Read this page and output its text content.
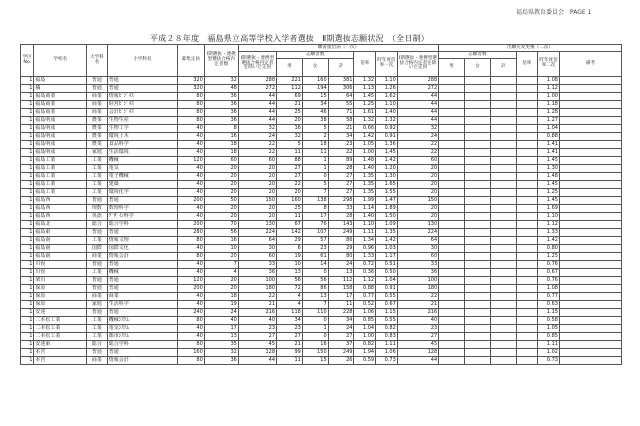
福島県教育委員会　PAGE 1
平成２８年度　福島県立高等学校入学者選抜　Ⅱ期選抜志願状況　（全日制）
学区No.	学校名	大学科名	小学科名	募集定員	Ⅰ期選抜・連携型選抜合格内定者数	願書提出前（一次）							出願先変更後（二次）					
						Ⅰ期選抜・連携型選抜合格内定者を除いた定員	志願者数			倍率	昨年度倍率一次	Ⅰ期選抜・連携型選抜合格内定者を除いた定員	志願者数			倍率	昨年度倍率二次	備考
							男	女	計				男	女	計			
1	福島	普通	普通	320	32	288	221	160	381	1.32	1.10	288					1.08	
1	橘	普通	普通	320	48	272	112	194	306	1.13	1.26	272					1.12	
1	福島商業	商業	情報ﾋﾞｼﾞﾈｽ	80	36	44	69	15	64	1.45	1.62	44					1.00	
1	福島商業	商業	経営ﾋﾞｼﾞﾈｽ	80	36	44	21	34	55	1.25	1.10	44					1.18	
1	福島商業	商業	会計ﾋﾞｼﾞﾈｽ	80	36	44	25	46	71	1.61	1.40	44					1.28	
1	福島明成	農業	生物生産	80	36	44	20	38	58	1.32	1.32	44					1.27	
1	福島明成	農業	生物工学	40	8	32	16	5	21	0.66	0.92	32					1.04	
1	福島明成	農業	環境土木	40	16	24	32	2	34	1.42	0.91	24					0.88	
1	福島明成	農業	食品科学	40	18	22	5	18	23	1.05	1.36	22					1.41	
1	福島明成	家庭	生活環境	40	18	22	11	11	22	1.00	1.45	22					1.41	
1	福島工業	工業	機械	120	60	60	88	1	89	1.48	1.42	60					1.45	
1	福島工業	工業	電気	40	20	20	27	1	28	1.40	1.20	20					1.30	
1	福島工業	工業	電子機械	40	20	20	27	0	27	1.35	1.30	20					1.48	
1	福島工業	工業	建築	40	20	20	22	5	27	1.35	1.65	20					1.45	
1	福島工業	工業	環境化学	40	20	20	20	7	27	1.35	1.55	20					1.25	
1	福島西	普通	普通	200	50	150	160	138	298	1.99	1.47	150					1.45	
1	福島西	理数	数理科学	40	20	20	25	8	33	1.14	1.89	20					1.69	
1	福島西	英語	ﾃﾞｻﾞｲﾝ科学	40	20	20	11	17	28	1.40	1.50	20					1.10	
1	福島北	総合	総合学科	200	70	130	67	76	143	1.10	1.09	130					1.12	
1	福島東	普通	普通	280	56	224	142	107	249	1.11	1.35	224					1.33	
1	福島南	工業	情報文理	80	16	64	29	57	86	1.34	1.42	64					1.42	
1	福島南	国際	国際文化	40	10	30	6	23	29	0.96	1.03	30					0.80	
1	福島南	商業	情報会計	80	20	60	19	61	80	1.33	1.17	60					1.25	
1	川俣	普通	普通	40	7	33	10	14	24	0.72	0.51	33					0.76	
1	川俣	工業	機械	40	4	36	13	0	13	0.36	0.50	36					0.67	
1	梁川	普通	普通	120	20	100	56	56	112	1.12	1.04	100					0.76	
1	保原	普通	普通	200	20	180	72	86	158	0.88	0.91	180					1.08	
1	保原	商業	商業	40	18	22	4	13	17	0.77	0.55	22					0.77	
1	保原	家庭	生活科学	40	19	21	4	7	11	0.52	0.67	21					0.63	
1	安達	普通	普通	240	24	216	118	110	228	1.06	1.15	216					1.15	
1	二本松工業	工業	機械ｼｽﾃﾑ	80	40	40	34	0	34	0.85	0.55	40					0.58	
1	二本松工業	工業	電気ｼｽﾃﾑ	40	17	23	23	1	24	1.04	0.82	23					1.05	
1	二本松工業	工業	都市ｼｽﾃﾑ	40	13	27	27	0	27	1.00	0.83	27					0.85	
1	安達東	総合	総合学科	80	35	45	21	16	37	0.82	1.11	45					1.11	
1	本宮	普通	普通	160	32	128	99	150	249	1.94	1.06	128					1.02	
1	本宮	商業	情報会計	80	36	44	11	15	26	0.59	0.73	44					0.73	
